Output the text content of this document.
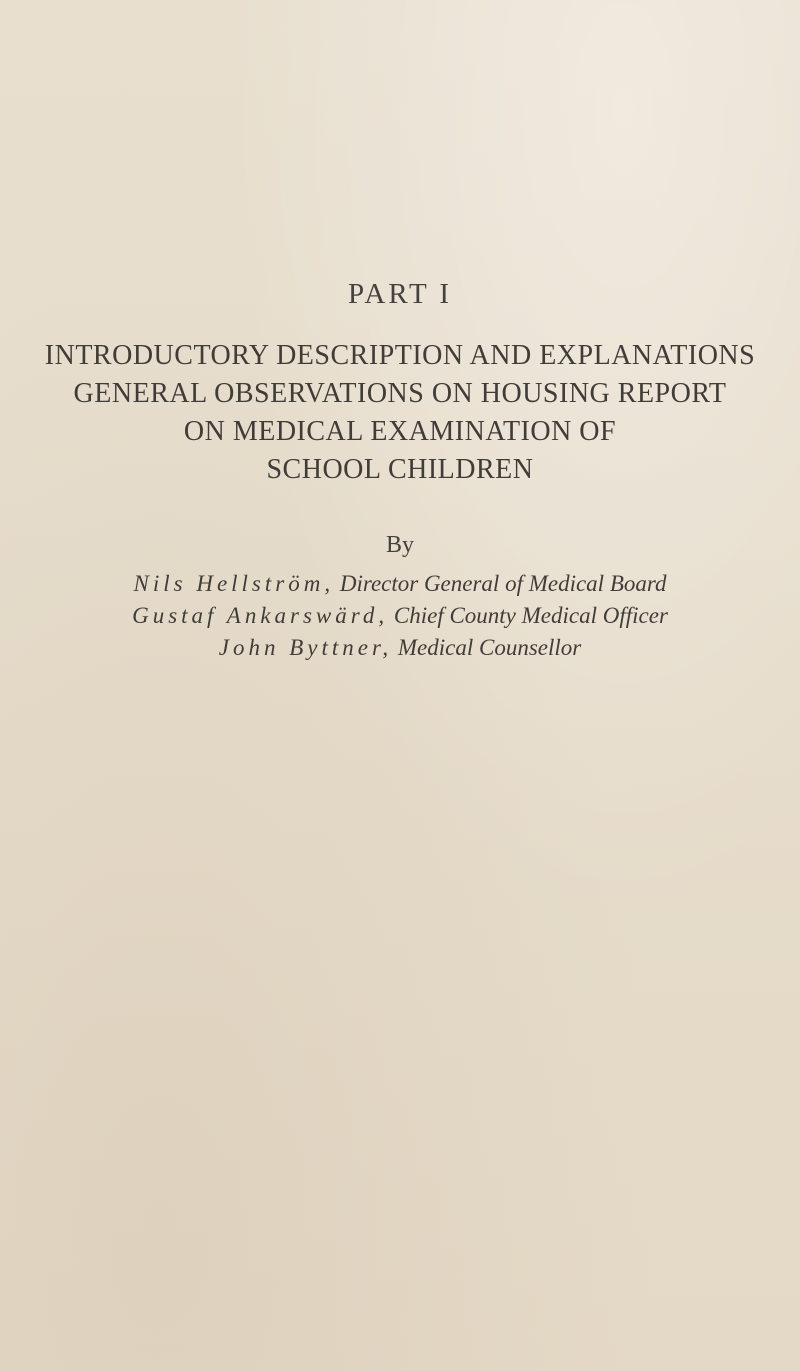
PART I
INTRODUCTORY DESCRIPTION AND EXPLANATIONS
GENERAL OBSERVATIONS ON HOUSING REPORT
ON MEDICAL EXAMINATION OF
SCHOOL CHILDREN
By
Nils Hellström, Director General of Medical Board
Gustaf Ankarswärd, Chief County Medical Officer
John Byttner, Medical Counsellor
